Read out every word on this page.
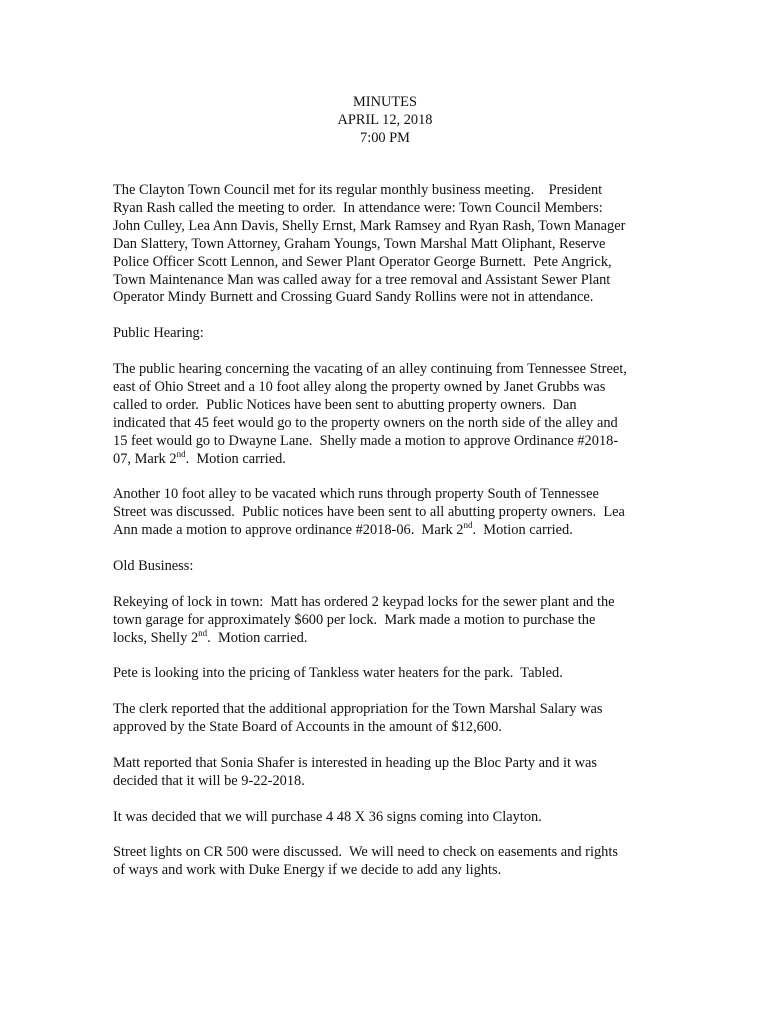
MINUTES
APRIL 12, 2018
7:00 PM

The Clayton Town Council met for its regular monthly business meeting.    President
Ryan Rash called the meeting to order.  In attendance were: Town Council Members:
John Culley, Lea Ann Davis, Shelly Ernst, Mark Ramsey and Ryan Rash, Town Manager
Dan Slattery, Town Attorney, Graham Youngs, Town Marshal Matt Oliphant, Reserve
Police Officer Scott Lennon, and Sewer Plant Operator George Burnett.  Pete Angrick,
Town Maintenance Man was called away for a tree removal and Assistant Sewer Plant
Operator Mindy Burnett and Crossing Guard Sandy Rollins were not in attendance.

Public Hearing:

The public hearing concerning the vacating of an alley continuing from Tennessee Street,
east of Ohio Street and a 10 foot alley along the property owned by Janet Grubbs was
called to order.  Public Notices have been sent to abutting property owners.  Dan
indicated that 45 feet would go to the property owners on the north side of the alley and
15 feet would go to Dwayne Lane.  Shelly made a motion to approve Ordinance #2018-
07, Mark 2nd.  Motion carried.

Another 10 foot alley to be vacated which runs through property South of Tennessee
Street was discussed.  Public notices have been sent to all abutting property owners.  Lea
Ann made a motion to approve ordinance #2018-06.  Mark 2nd.  Motion carried.

Old Business:

Rekeying of lock in town:  Matt has ordered 2 keypad locks for the sewer plant and the
town garage for approximately $600 per lock.  Mark made a motion to purchase the
locks, Shelly 2nd.  Motion carried.

Pete is looking into the pricing of Tankless water heaters for the park.  Tabled.

The clerk reported that the additional appropriation for the Town Marshal Salary was
approved by the State Board of Accounts in the amount of $12,600.

Matt reported that Sonia Shafer is interested in heading up the Bloc Party and it was
decided that it will be 9-22-2018.

It was decided that we will purchase 4 48 X 36 signs coming into Clayton.

Street lights on CR 500 were discussed.  We will need to check on easements and rights
of ways and work with Duke Energy if we decide to add any lights.
